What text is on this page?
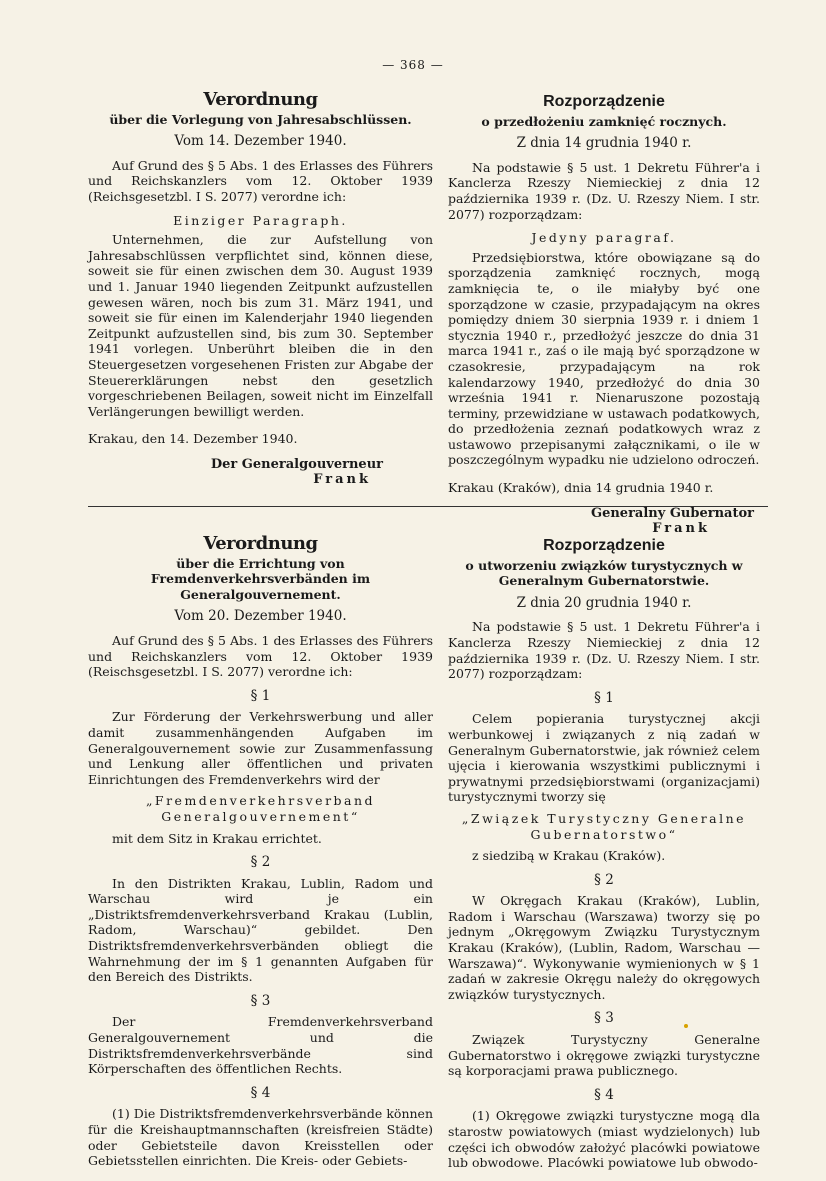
— 368 —

Verordnung

über die Vorlegung von Jahresabschlüssen.

Vom 14. Dezember 1940.

Auf Grund des § 5 Abs. 1 des Erlasses des Führers und Reichskanzlers vom 12. Oktober 1939 (Reichsgesetzbl. I S. 2077) verordne ich:

Einziger Paragraph.

Unternehmen, die zur Aufstellung von Jahresabschlüssen verpflichtet sind, können diese, soweit sie für einen zwischen dem 30. August 1939 und 1. Januar 1940 liegenden Zeitpunkt aufzustellen gewesen wären, noch bis zum 31. März 1941, und soweit sie für einen im Kalenderjahr 1940 liegenden Zeitpunkt aufzustellen sind, bis zum 30. September 1941 vorlegen. Unberührt bleiben die in den Steuergesetzen vorgesehenen Fristen zur Abgabe der Steuererklärungen nebst den gesetzlich vorgeschriebenen Beilagen, soweit nicht im Einzelfall Verlängerungen bewilligt werden.

Krakau, den 14. Dezember 1940.

Der Generalgouverneur

Frank

Rozporządzenie

o przedłożeniu zamknięć rocznych.

Z dnia 14 grudnia 1940 r.

Na podstawie § 5 ust. 1 Dekretu Führer'a i Kanclerza Rzeszy Niemieckiej z dnia 12 października 1939 r. (Dz. U. Rzeszy Niem. I str. 2077) rozporządzam:

Jedyny paragraf.

Przedsiębiorstwa, które obowiązane są do sporządzenia zamknięć rocznych, mogą zamknięcia te, o ile miałyby być one sporządzone w czasie, przypadającym na okres pomiędzy dniem 30 sierpnia 1939 r. i dniem 1 stycznia 1940 r., przedłożyć jeszcze do dnia 31 marca 1941 r., zaś o ile mają być sporządzone w czasokresie, przypadającym na rok kalendarzowy 1940, przedłożyć do dnia 30 września 1941 r. Nienaruszone pozostają terminy, przewidziane w ustawach podatkowych, do przedłożenia zeznań podatkowych wraz z ustawowo przepisanymi załącznikami, o ile w poszczególnym wypadku nie udzielono odroczeń.

Krakau (Kraków), dnia 14 grudnia 1940 r.

Generalny Gubernator

Frank

Verordnung

über die Errichtung von Fremdenverkehrsverbänden im Generalgouvernement.

Vom 20. Dezember 1940.

Auf Grund des § 5 Abs. 1 des Erlasses des Führers und Reichskanzlers vom 12. Oktober 1939 (Reischsgesetzbl. I S. 2077) verordne ich:

§ 1

Zur Förderung der Verkehrswerbung und aller damit zusammenhängenden Aufgaben im Generalgouvernement sowie zur Zusammenfassung und Lenkung aller öffentlichen und privaten Einrichtungen des Fremdenverkehrs wird der

„Fremdenverkehrsverband Generalgouvernement“

mit dem Sitz in Krakau errichtet.

§ 2

In den Distrikten Krakau, Lublin, Radom und Warschau wird je ein „Distriktsfremdenverkehrsverband Krakau (Lublin, Radom, Warschau)“ gebildet. Den Distriktsfremdenverkehrsverbänden obliegt die Wahrnehmung der im § 1 genannten Aufgaben für den Bereich des Distrikts.

§ 3

Der Fremdenverkehrsverband Generalgouvernement und die Distriktsfremdenverkehrsverbände sind Körperschaften des öffentlichen Rechts.

§ 4

(1) Die Distriktsfremdenverkehrsverbände können für die Kreishauptmannschaften (kreisfreien Städte) oder Gebietsteile davon Kreisstellen oder Gebietsstellen einrichten. Die Kreis- oder Gebiets-

Rozporządzenie

o utworzeniu związków turystycznych w Generalnym Gubernatorstwie.

Z dnia 20 grudnia 1940 r.

Na podstawie § 5 ust. 1 Dekretu Führer'a i Kanclerza Rzeszy Niemieckiej z dnia 12 października 1939 r. (Dz. U. Rzeszy Niem. I str. 2077) rozporządzam:

§ 1

Celem popierania turystycznej akcji werbunkowej i związanych z nią zadań w Generalnym Gubernatorstwie, jak również celem ujęcia i kierowania wszystkimi publicznymi i prywatnymi przedsiębiorstwami (organizacjami) turystycznymi tworzy się

„Związek Turystyczny Generalne Gubernatorstwo“

z siedzibą w Krakau (Kraków).

§ 2

W Okręgach Krakau (Kraków), Lublin, Radom i Warschau (Warszawa) tworzy się po jednym „Okręgowym Związku Turystycznym Krakau (Kraków), (Lublin, Radom, Warschau — Warszawa)“. Wykonywanie wymienionych w § 1 zadań w zakresie Okręgu należy do okręgowych związków turystycznych.

§ 3

Związek Turystyczny Generalne Gubernatorstwo i okręgowe związki turystyczne są korporacjami prawa publicznego.

§ 4

(1) Okręgowe związki turystyczne mogą dla starostw powiatowych (miast wydzielonych) lub części ich obwodów założyć placówki powiatowe lub obwodowe. Placówki powiatowe lub obwodo-
